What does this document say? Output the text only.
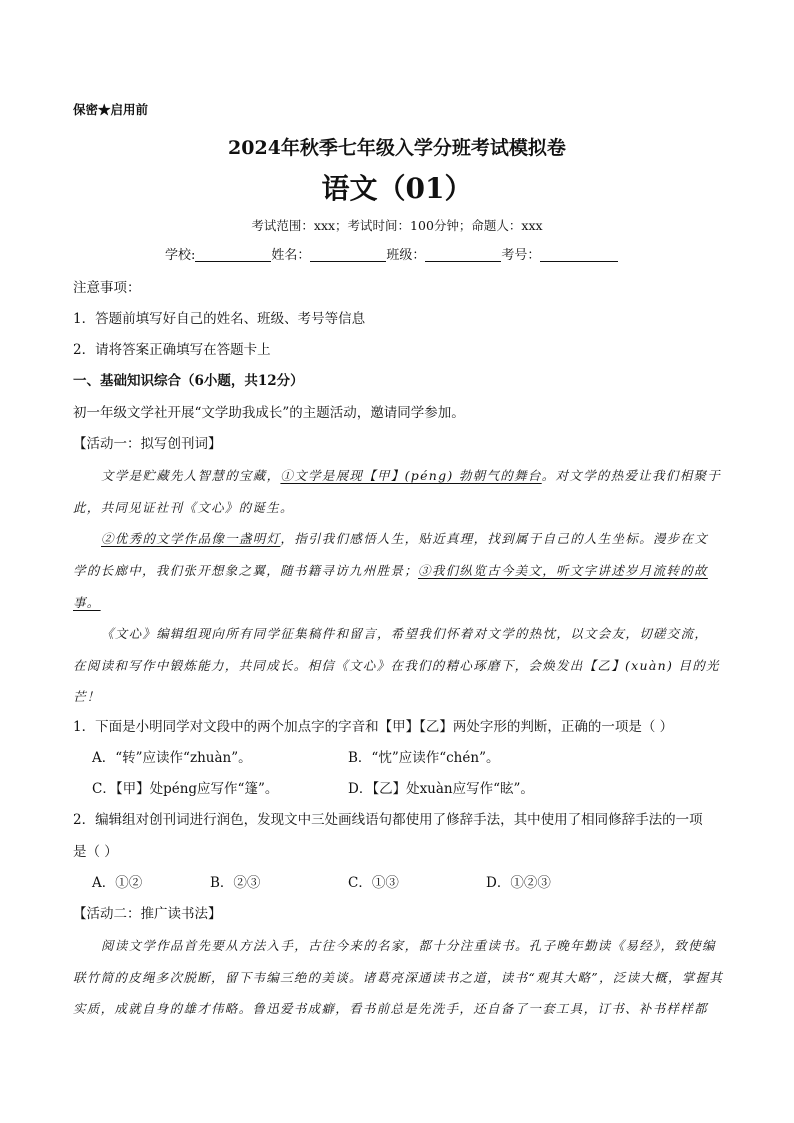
保密★启用前
2024年秋季七年级入学分班考试模拟卷
语文（01）
考试范围：xxx；考试时间：100分钟；命题人：xxx
学校:	姓名：	班级：	考号：
注意事项：
1．答题前填写好自己的姓名、班级、考号等信息
2．请将答案正确填写在答题卡上
一、基础知识综合（6小题，共12分）
初一年级文学社开展“文学助我成长”的主题活动，邀请同学参加。
【活动一：拟写创刊词】
文学是贮藏先人智慧的宝藏，①文学是展现【甲】(péng) 勃朝气的舞台。对文学的热爱让我们相聚于
此，共同见证社刊《文心》的诞生。
②优秀的文学作品像一盏明灯，指引我们感悟人生，贴近真理，找到属于自己的人生坐标。漫步在文
学的长廊中，我们张开想象之翼，随书籍寻访九州胜景；③我们纵览古今美文，听文字讲述岁月流转的故
事。
《文心》编辑组现向所有同学征集稿件和留言，希望我们怀着对文学的热忱，以文会友，切磋交流，
在阅读和写作中锻炼能力，共同成长。相信《文心》在我们的精心琢磨下，会焕发出【乙】(xuàn) 目的光
芒！
1．下面是小明同学对文段中的两个加点字的字音和【甲】【乙】两处字形的判断，正确的一项是（ ）
A．“转”应读作“zhuàn”。	B．“忱”应读作“chén”。
C．【甲】处péng应写作“篷”。	D．【乙】处xuàn应写作“眩”。
2．编辑组对创刊词进行润色，发现文中三处画线语句都使用了修辞手法，其中使用了相同修辞手法的一项
是（ ）
A．①②	B．②③	C．①③	D．①②③
【活动二：推广读书法】
阅读文学作品首先要从方法入手，古往今来的名家，都十分注重读书。孔子晚年勤读《易经》，致使编
联竹简的皮绳多次脱断，留下韦编三绝的美谈。诸葛亮深通读书之道，读书“观其大略”，泛读大概，掌握其
实质，成就自身的雄才伟略。鲁迅爱书成癖，看书前总是先洗手，还自备了一套工具，订书、补书样样都
